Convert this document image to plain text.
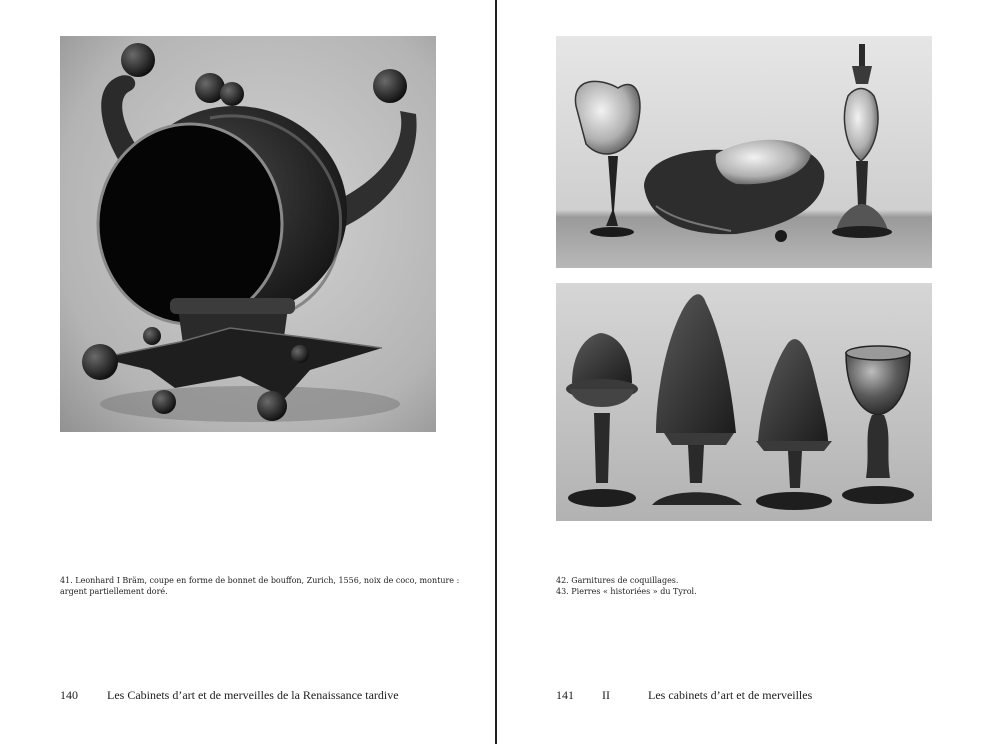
41. Leonhard I Bräm, coupe en forme de bonnet de bouffon, Zurich, 1556, noix de coco, monture :
argent partiellement doré.
140 Les Cabinets d’art et de merveilles de la Renaissance tardive
42. Garnitures de coquillages.
43. Pierres « historiées » du Tyrol.
141 II	Les cabinets d’art et de merveilles
